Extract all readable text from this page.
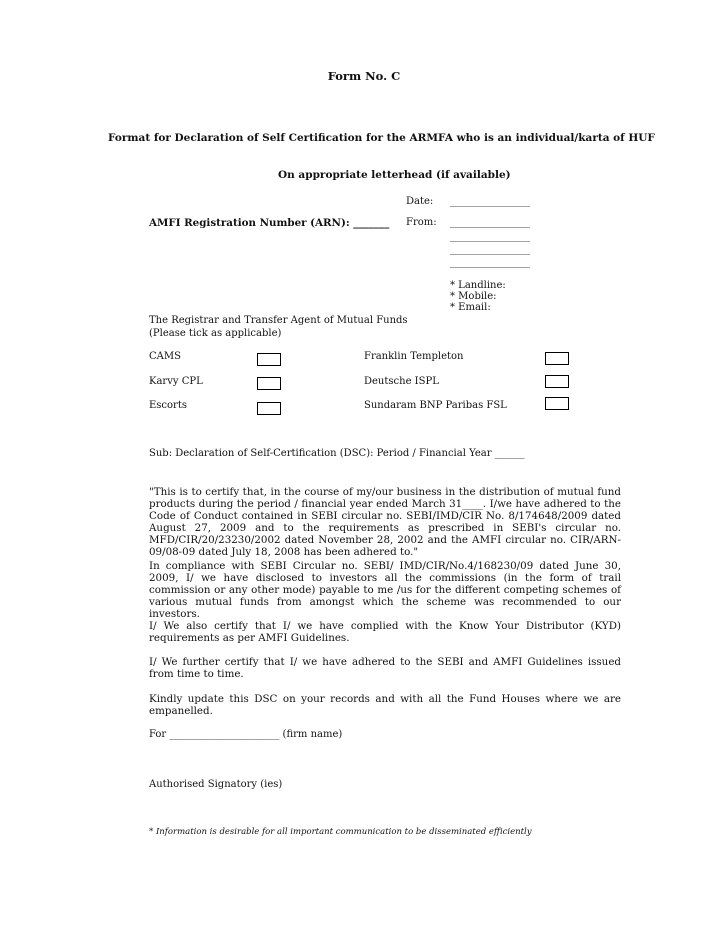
Form No. C
Format for Declaration of Self Certification for the ARMFA who is an individual/karta of HUF
On appropriate letterhead (if available)
Date: ________________
AMFI Registration Number (ARN): _______ From: ________________
________________
________________
________________
* Landline:
* Mobile:
* Email:
The Registrar and Transfer Agent of Mutual Funds
(Please tick as applicable)
CAMS	Franklin Templeton
Karvy CPL	Deutsche ISPL
Escorts	Sundaram BNP Paribas FSL
Sub: Declaration of Self-Certification (DSC): Period / Financial Year ______
"This is to certify that, in the course of my/our business in the distribution of mutual fund products during the period / financial year ended March 31____. I/we have adhered to the Code of Conduct contained in SEBI circular no. SEBI/IMD/CIR No. 8/174648/2009 dated August 27, 2009 and to the requirements as prescribed in SEBI's circular no. MFD/CIR/20/23230/2002 dated November 28, 2002 and the AMFI circular no. CIR/ARN-09/08-09 dated July 18, 2008 has been adhered to."
In compliance with SEBI Circular no. SEBI/ IMD/CIR/No.4/168230/09 dated June 30, 2009, I/ we have disclosed to investors all the commissions (in the form of trail commission or any other mode) payable to me /us for the different competing schemes of various mutual funds from amongst which the scheme was recommended to our investors.
I/ We also certify that I/ we have complied with the Know Your Distributor (KYD) requirements as per AMFI Guidelines.
I/ We further certify that I/ we have adhered to the SEBI and AMFI Guidelines issued from time to time.
Kindly update this DSC on your records and with all the Fund Houses where we are empanelled.
For ______________________ (firm name)
Authorised Signatory (ies)
* Information is desirable for all important communication to be disseminated efficiently
